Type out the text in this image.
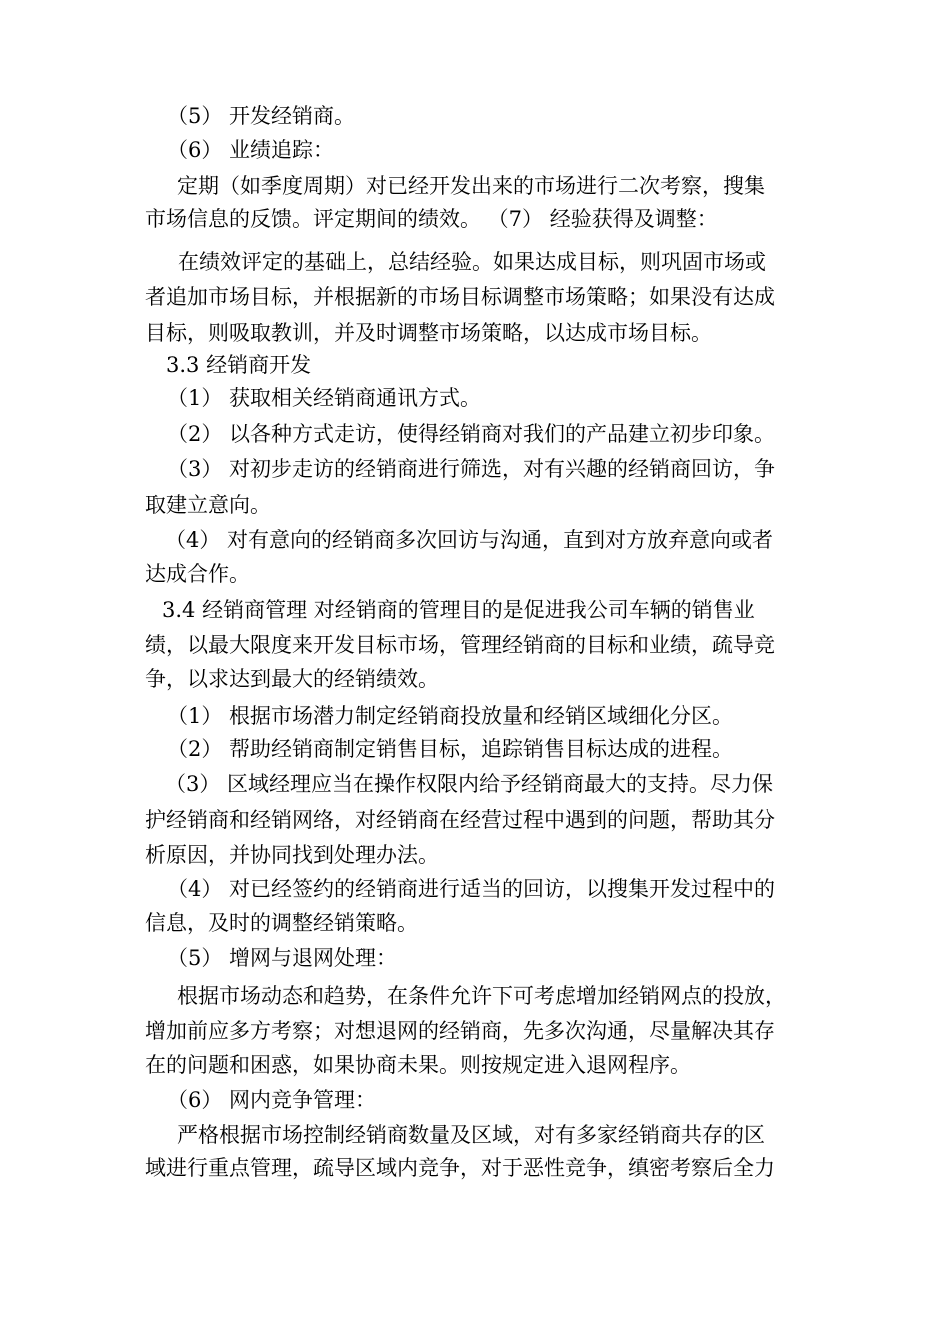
（5） 开发经销商。
（6） 业绩追踪：
定期（如季度周期）对已经开发出来的市场进行二次考察，搜集
市场信息的反馈。评定期间的绩效。 （7） 经验获得及调整：
在绩效评定的基础上，总结经验。如果达成目标，则巩固市场或
者追加市场目标，并根据新的市场目标调整市场策略；如果没有达成
目标，则吸取教训，并及时调整市场策略，以达成市场目标。
3.3 经销商开发
（1） 获取相关经销商通讯方式。
（2） 以各种方式走访，使得经销商对我们的产品建立初步印象。
（3） 对初步走访的经销商进行筛选，对有兴趣的经销商回访，争
取建立意向。
（4） 对有意向的经销商多次回访与沟通，直到对方放弃意向或者
达成合作。
3.4 经销商管理 对经销商的管理目的是促进我公司车辆的销售业
绩，以最大限度来开发目标市场，管理经销商的目标和业绩，疏导竞
争，以求达到最大的经销绩效。
（1） 根据市场潜力制定经销商投放量和经销区域细化分区。
（2） 帮助经销商制定销售目标，追踪销售目标达成的进程。
（3） 区域经理应当在操作权限内给予经销商最大的支持。尽力保
护经销商和经销网络，对经销商在经营过程中遇到的问题，帮助其分
析原因，并协同找到处理办法。
（4） 对已经签约的经销商进行适当的回访，以搜集开发过程中的
信息，及时的调整经销策略。
（5） 增网与退网处理：
根据市场动态和趋势，在条件允许下可考虑增加经销网点的投放，
增加前应多方考察；对想退网的经销商，先多次沟通，尽量解决其存
在的问题和困惑，如果协商未果。则按规定进入退网程序。
（6） 网内竞争管理：
严格根据市场控制经销商数量及区域，对有多家经销商共存的区
域进行重点管理，疏导区域内竞争，对于恶性竞争，缜密考察后全力
